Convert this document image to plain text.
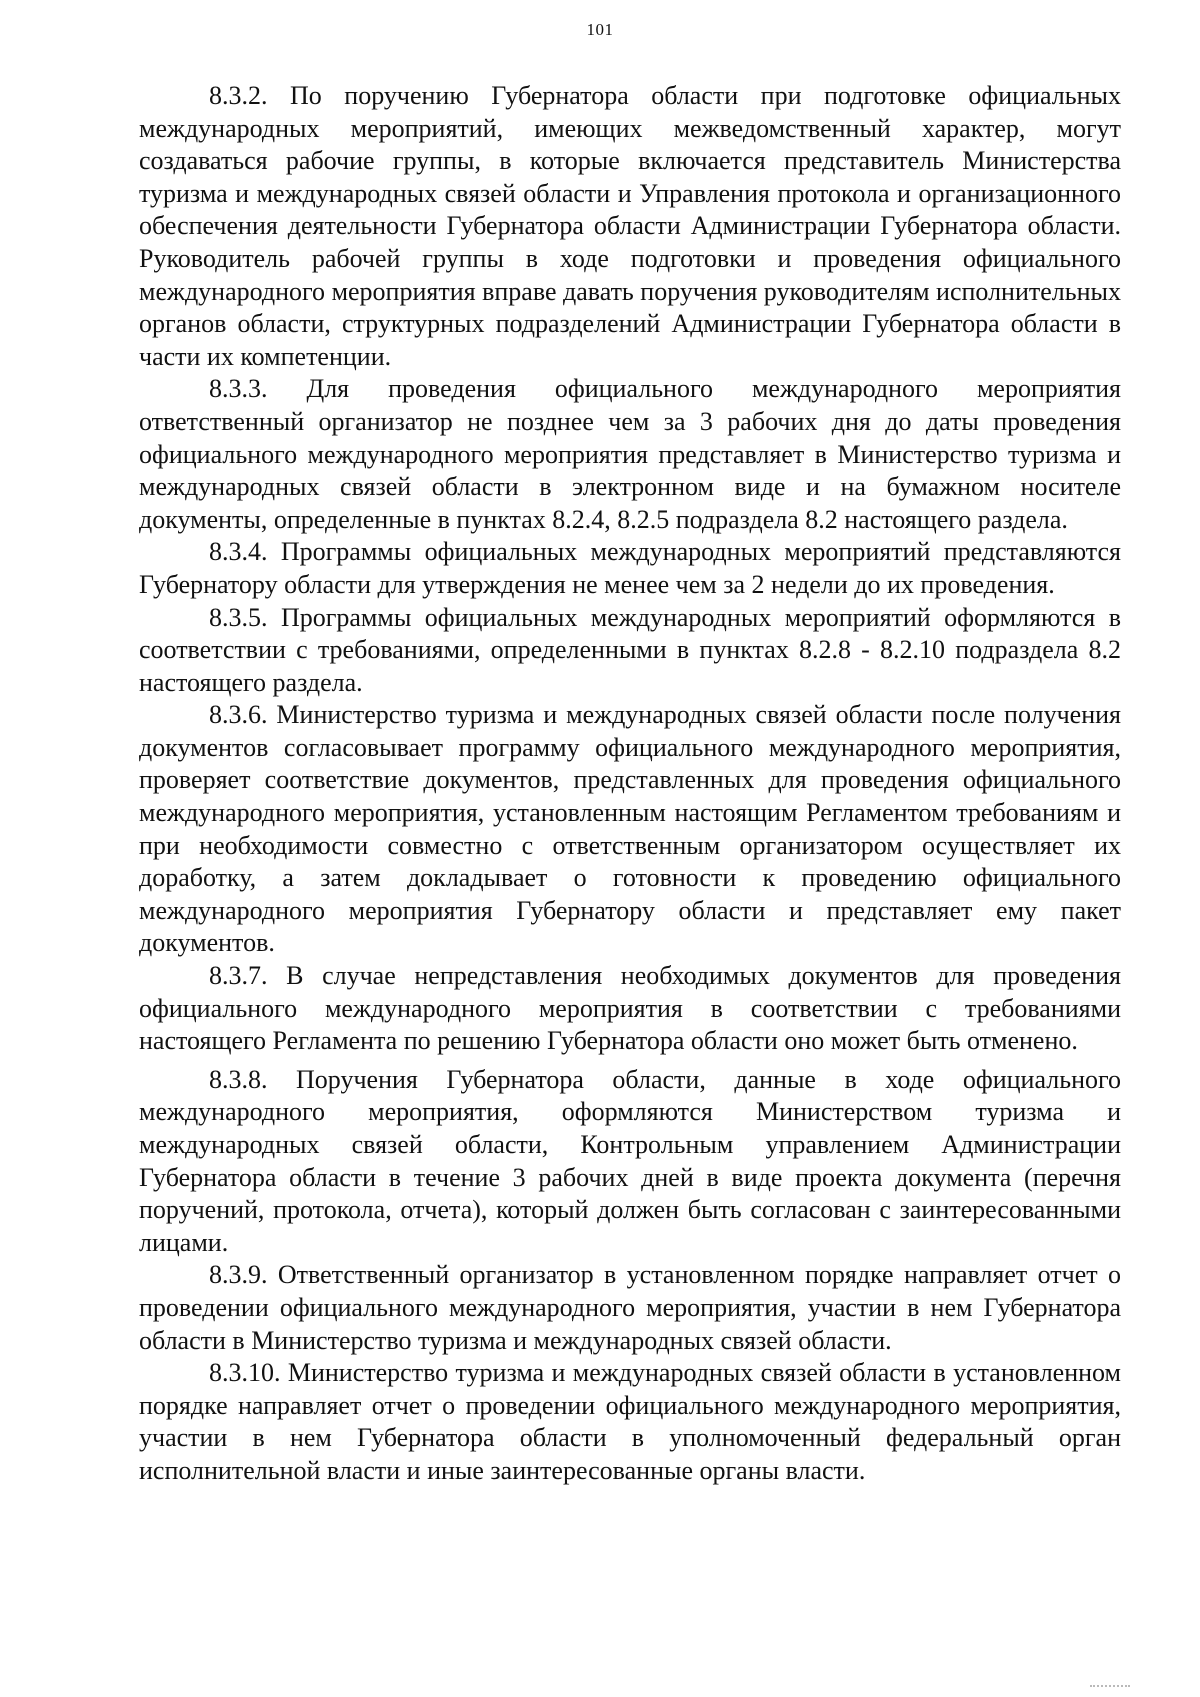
101

8.3.2. По поручению Губернатора области при подготовке официальных международных мероприятий, имеющих межведомственный характер, могут создаваться рабочие группы, в которые включается представитель Министерства туризма и международных связей области и Управления протокола и организационного обеспечения деятельности Губернатора области Администрации Губернатора области. Руководитель рабочей группы в ходе подготовки и проведения официального международного мероприятия вправе давать поручения руководителям исполнительных органов области, структурных подразделений Администрации Губернатора области в части их компетенции.

8.3.3. Для проведения официального международного мероприятия ответственный организатор не позднее чем за 3 рабочих дня до даты проведения официального международного мероприятия представляет в Министерство туризма и международных связей области в электронном виде и на бумажном носителе документы, определенные в пунктах 8.2.4, 8.2.5 подраздела 8.2 настоящего раздела.

8.3.4. Программы официальных международных мероприятий представляются Губернатору области для утверждения не менее чем за 2 недели до их проведения.

8.3.5. Программы официальных международных мероприятий оформляются в соответствии с требованиями, определенными в пунктах 8.2.8 - 8.2.10 подраздела 8.2 настоящего раздела.

8.3.6. Министерство туризма и международных связей области после получения документов согласовывает программу официального международного мероприятия, проверяет соответствие документов, представленных для проведения официального международного мероприятия, установленным настоящим Регламентом требованиям и при необходимости совместно с ответственным организатором осуществляет их доработку, а затем докладывает о готовности к проведению официального международного мероприятия Губернатору области и представляет ему пакет документов.

8.3.7. В случае непредставления необходимых документов для проведения официального международного мероприятия в соответствии с требованиями настоящего Регламента по решению Губернатора области оно может быть отменено.

8.3.8. Поручения Губернатора области, данные в ходе официального международного мероприятия, оформляются Министерством туризма и международных связей области, Контрольным управлением Администрации Губернатора области в течение 3 рабочих дней в виде проекта документа (перечня поручений, протокола, отчета), который должен быть согласован с заинтересованными лицами.

8.3.9. Ответственный организатор в установленном порядке направляет отчет о проведении официального международного мероприятия, участии в нем Губернатора области в Министерство туризма и международных связей области.

8.3.10. Министерство туризма и международных связей области в установленном порядке направляет отчет о проведении официального международного мероприятия, участии в нем Губернатора области в уполномоченный федеральный орган исполнительной власти и иные заинтересованные органы власти.
